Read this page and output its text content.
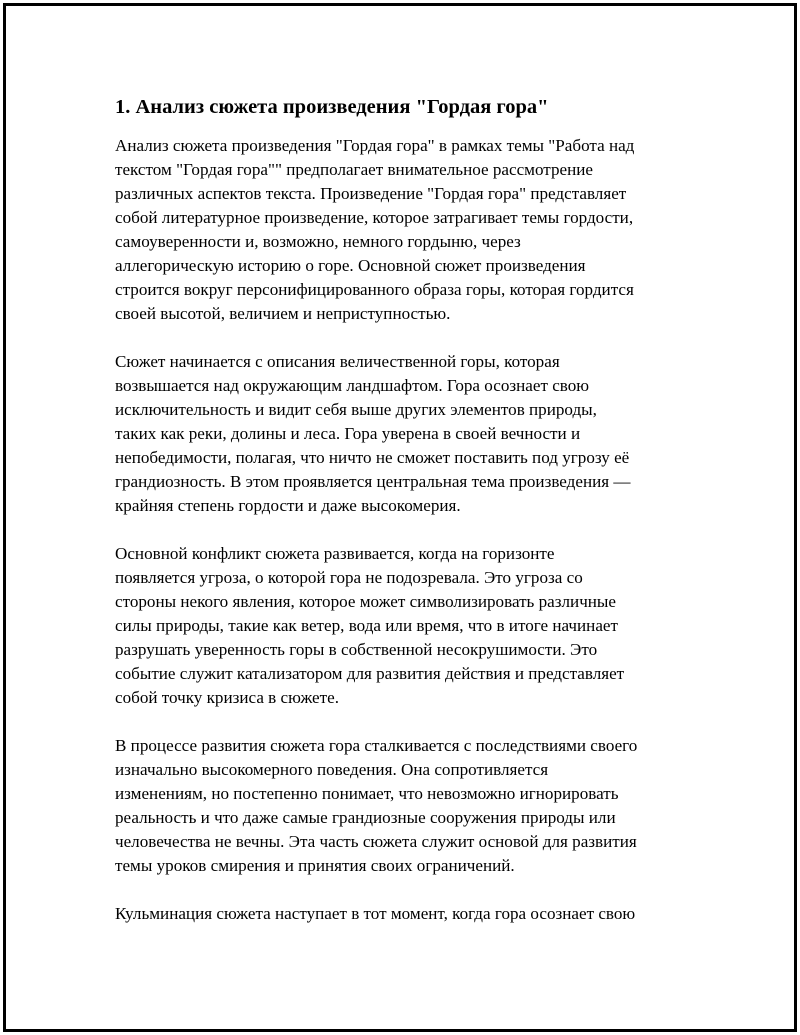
1. Анализ сюжета произведения "Гордая гора"

Анализ сюжета произведения "Гордая гора" в рамках темы "Работа над
текстом "Гордая гора"" предполагает внимательное рассмотрение
различных аспектов текста. Произведение "Гордая гора" представляет
собой литературное произведение, которое затрагивает темы гордости,
самоуверенности и, возможно, немного гордыню, через
аллегорическую историю о горе. Основной сюжет произведения
строится вокруг персонифицированного образа горы, которая гордится
своей высотой, величием и неприступностью.

Сюжет начинается с описания величественной горы, которая
возвышается над окружающим ландшафтом. Гора осознает свою
исключительность и видит себя выше других элементов природы,
таких как реки, долины и леса. Гора уверена в своей вечности и
непобедимости, полагая, что ничто не сможет поставить под угрозу её
грандиозность. В этом проявляется центральная тема произведения —
крайняя степень гордости и даже высокомерия.

Основной конфликт сюжета развивается, когда на горизонте
появляется угроза, о которой гора не подозревала. Это угроза со
стороны некого явления, которое может символизировать различные
силы природы, такие как ветер, вода или время, что в итоге начинает
разрушать уверенность горы в собственной несокрушимости. Это
событие служит катализатором для развития действия и представляет
собой точку кризиса в сюжете.

В процессе развития сюжета гора сталкивается с последствиями своего
изначально высокомерного поведения. Она сопротивляется
изменениям, но постепенно понимает, что невозможно игнорировать
реальность и что даже самые грандиозные сооружения природы или
человечества не вечны. Эта часть сюжета служит основой для развития
темы уроков смирения и принятия своих ограничений.

Кульминация сюжета наступает в тот момент, когда гора осознает свою
